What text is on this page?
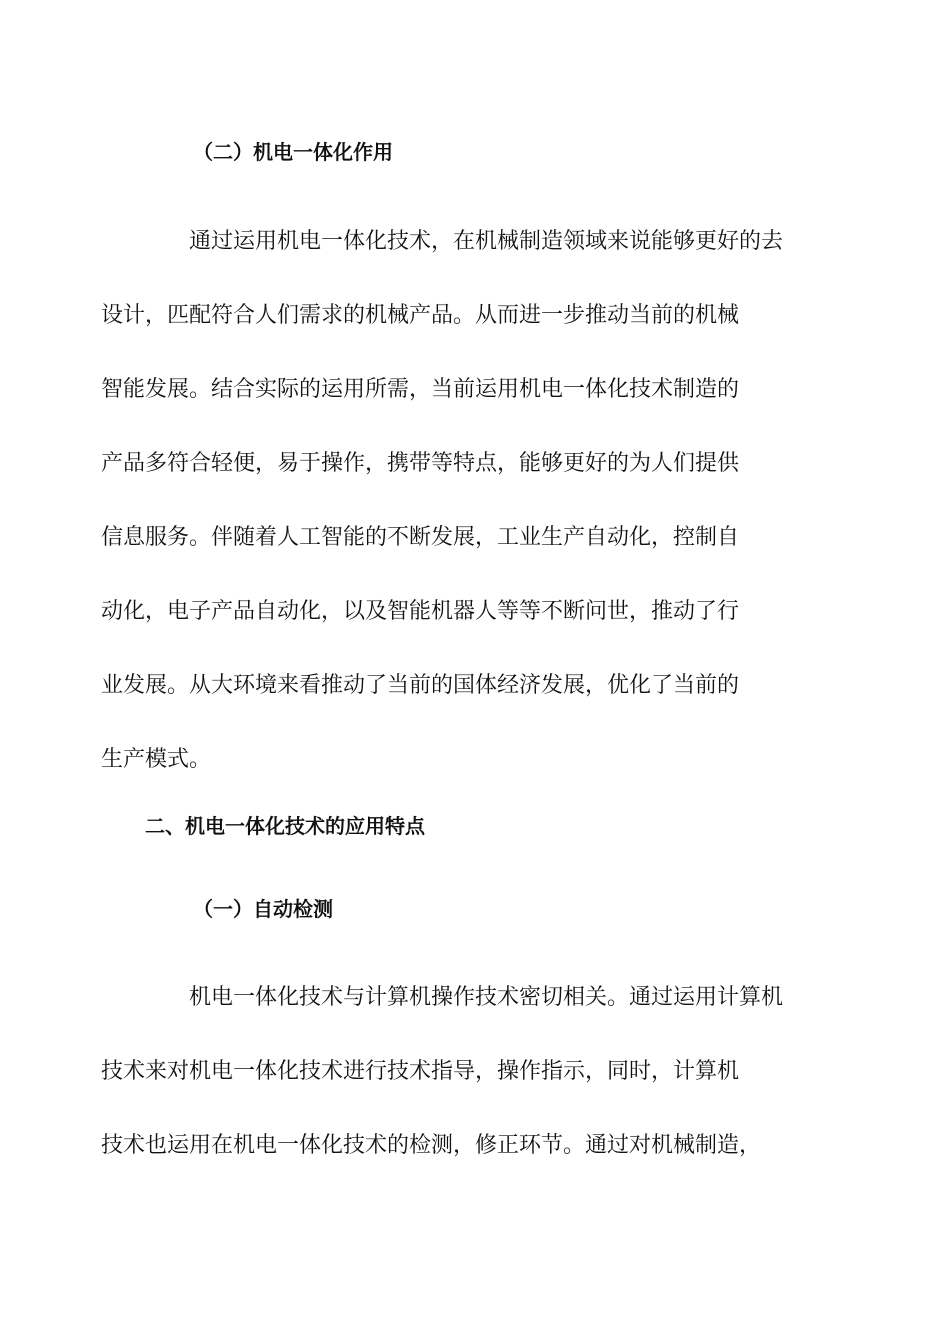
（二）机电一体化作用

通过运用机电一体化技术，在机械制造领域来说能够更好的去
设计，匹配符合人们需求的机械产品。从而进一步推动当前的机械
智能发展。结合实际的运用所需，当前运用机电一体化技术制造的
产品多符合轻便，易于操作，携带等特点，能够更好的为人们提供
信息服务。伴随着人工智能的不断发展，工业生产自动化，控制自
动化，电子产品自动化，以及智能机器人等等不断问世，推动了行
业发展。从大环境来看推动了当前的国体经济发展，优化了当前的
生产模式。

二、机电一体化技术的应用特点
（一）自动检测

机电一体化技术与计算机操作技术密切相关。通过运用计算机
技术来对机电一体化技术进行技术指导，操作指示，同时，计算机
技术也运用在机电一体化技术的检测，修正环节。通过对机械制造，
